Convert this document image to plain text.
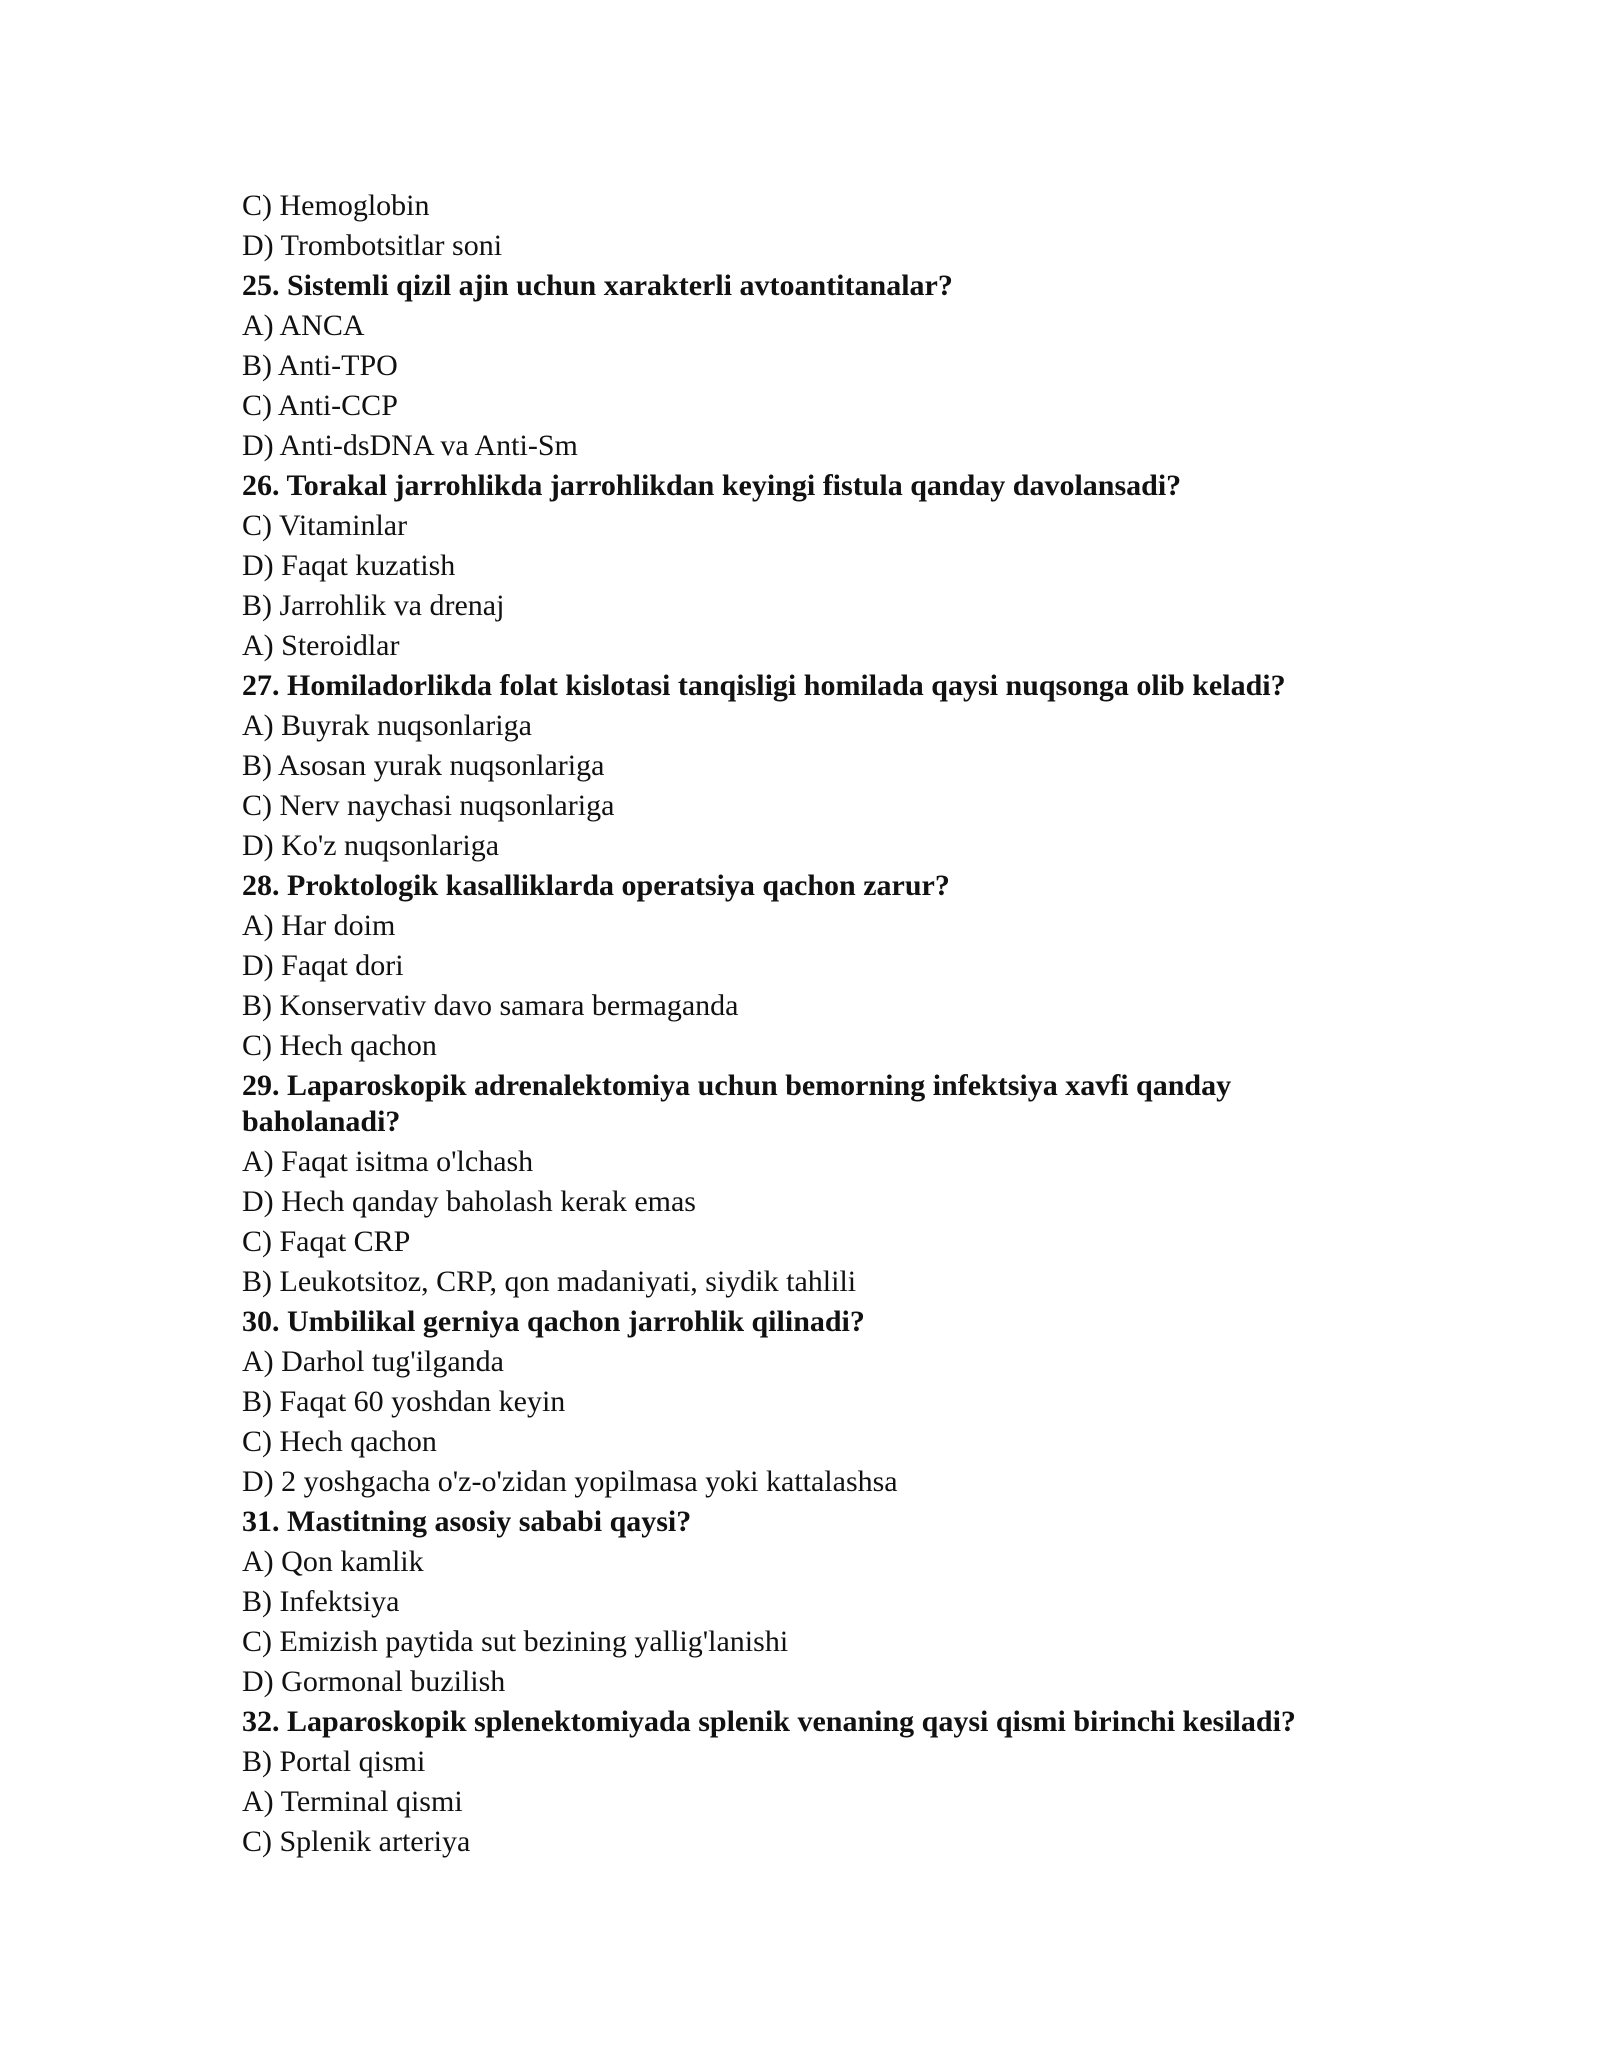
C) Hemoglobin
D) Trombotsitlar soni
25. Sistemli qizil ajin uchun xarakterli avtoantitanalar?
A) ANCA
B) Anti-TPO
C) Anti-CCP
D) Anti-dsDNA va Anti-Sm
26. Torakal jarrohlikda jarrohlikdan keyingi fistula qanday davolansadi?
C) Vitaminlar
D) Faqat kuzatish
B) Jarrohlik va drenaj
A) Steroidlar
27. Homiladorlikda folat kislotasi tanqisligi homilada qaysi nuqsonga olib keladi?
A) Buyrak nuqsonlariga
B) Asosan yurak nuqsonlariga
C) Nerv naychasi nuqsonlariga
D) Ko'z nuqsonlariga
28. Proktologik kasalliklarda operatsiya qachon zarur?
A) Har doim
D) Faqat dori
B) Konservativ davo samara bermaganda
C) Hech qachon
29. Laparoskopik adrenalektomiya uchun bemorning infektsiya xavfi qanday baholanadi?
A) Faqat isitma o'lchash
D) Hech qanday baholash kerak emas
C) Faqat CRP
B) Leukotsitoz, CRP, qon madaniyati, siydik tahlili
30. Umbilikal gerniya qachon jarrohlik qilinadi?
A) Darhol tug'ilganda
B) Faqat 60 yoshdan keyin
C) Hech qachon
D) 2 yoshgacha o'z-o'zidan yopilmasa yoki kattalashsa
31. Mastitning asosiy sababi qaysi?
A) Qon kamlik
B) Infektsiya
C) Emizish paytida sut bezining yallig'lanishi
D) Gormonal buzilish
32. Laparoskopik splenektomiyada splenik venaning qaysi qismi birinchi kesiladi?
B) Portal qismi
A) Terminal qismi
C) Splenik arteriya
